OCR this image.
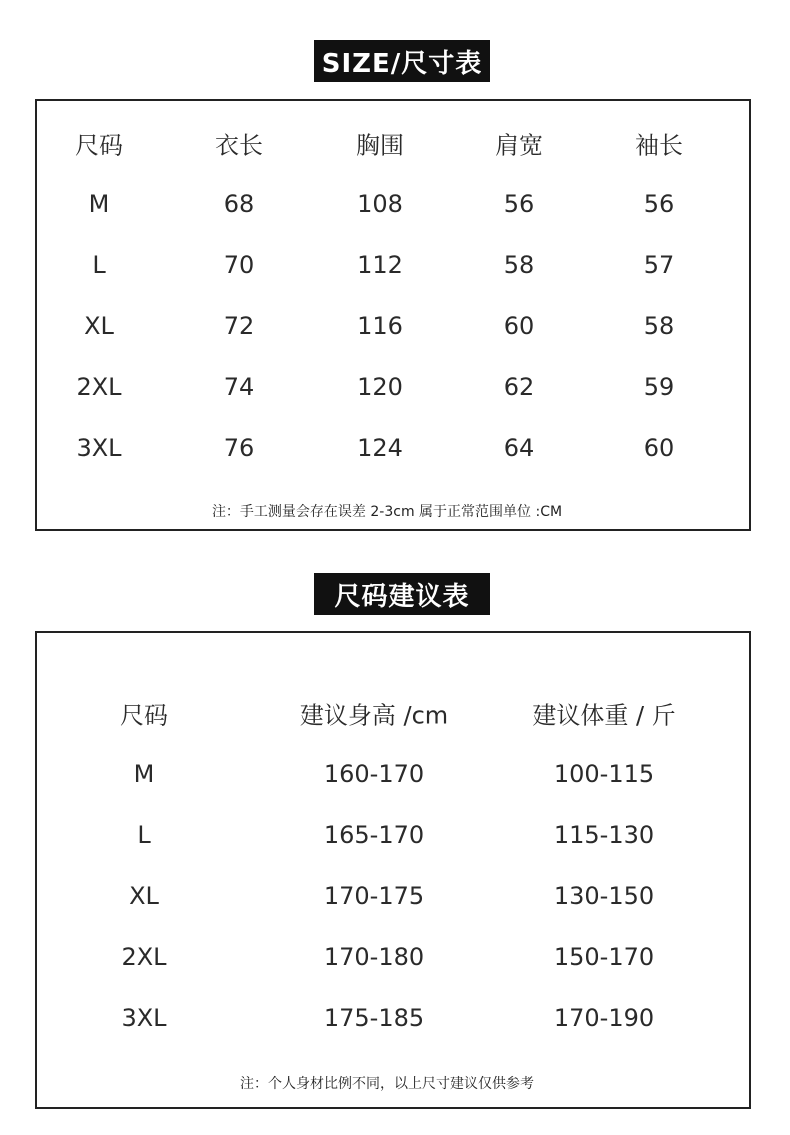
SIZE/尺寸表
尺码	衣长	胸围	肩宽	袖长
M	68	108	56	56
L	70	112	58	57
XL	72	116	60	58
2XL	74	120	62	59
3XL	76	124	64	60
注：手工测量会存在误差 2-3cm 属于正常范围单位 :CM
尺码建议表
尺码	建议身高 /cm	建议体重 / 斤
M	160-170	100-115
L	165-170	115-130
XL	170-175	130-150
2XL	170-180	150-170
3XL	175-185	170-190
注：个人身材比例不同，以上尺寸建议仅供参考
